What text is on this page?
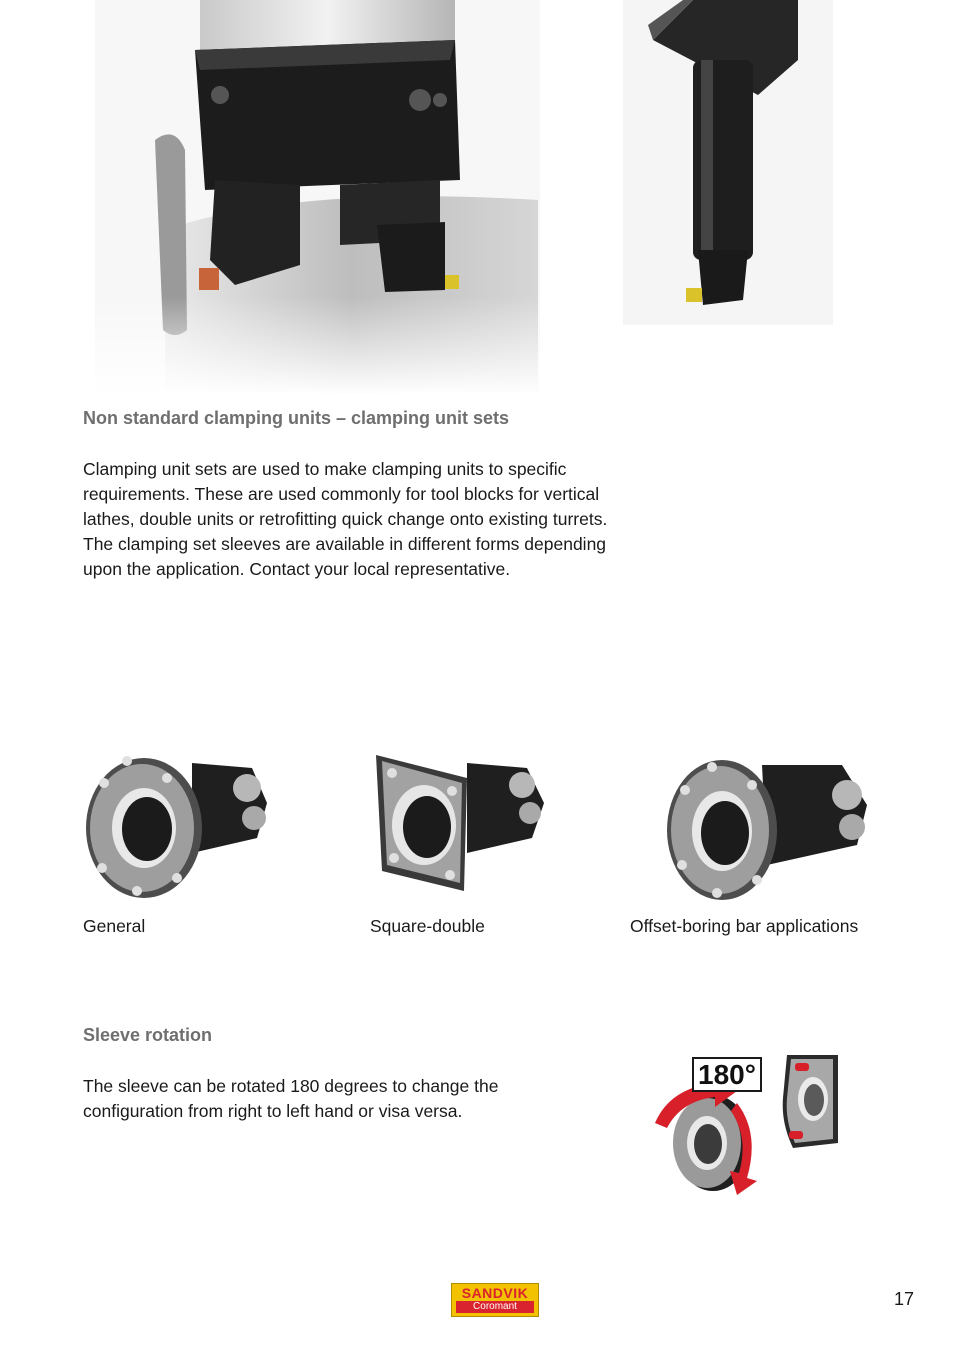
Non standard clamping units – clamping unit sets
Clamping unit sets are used to make clamping units to specific
requirements. These are used commonly for tool blocks for vertical
lathes, double units or retrofitting quick change onto existing turrets.
The clamping set sleeves are available in different forms depending
upon the application. Contact your local representative.
General	Square-double	Offset-boring bar applications
Sleeve rotation
The sleeve can be rotated 180 degrees to change the
configuration from right to left hand or visa versa.
180°
SANDVIK
Coromant	17
